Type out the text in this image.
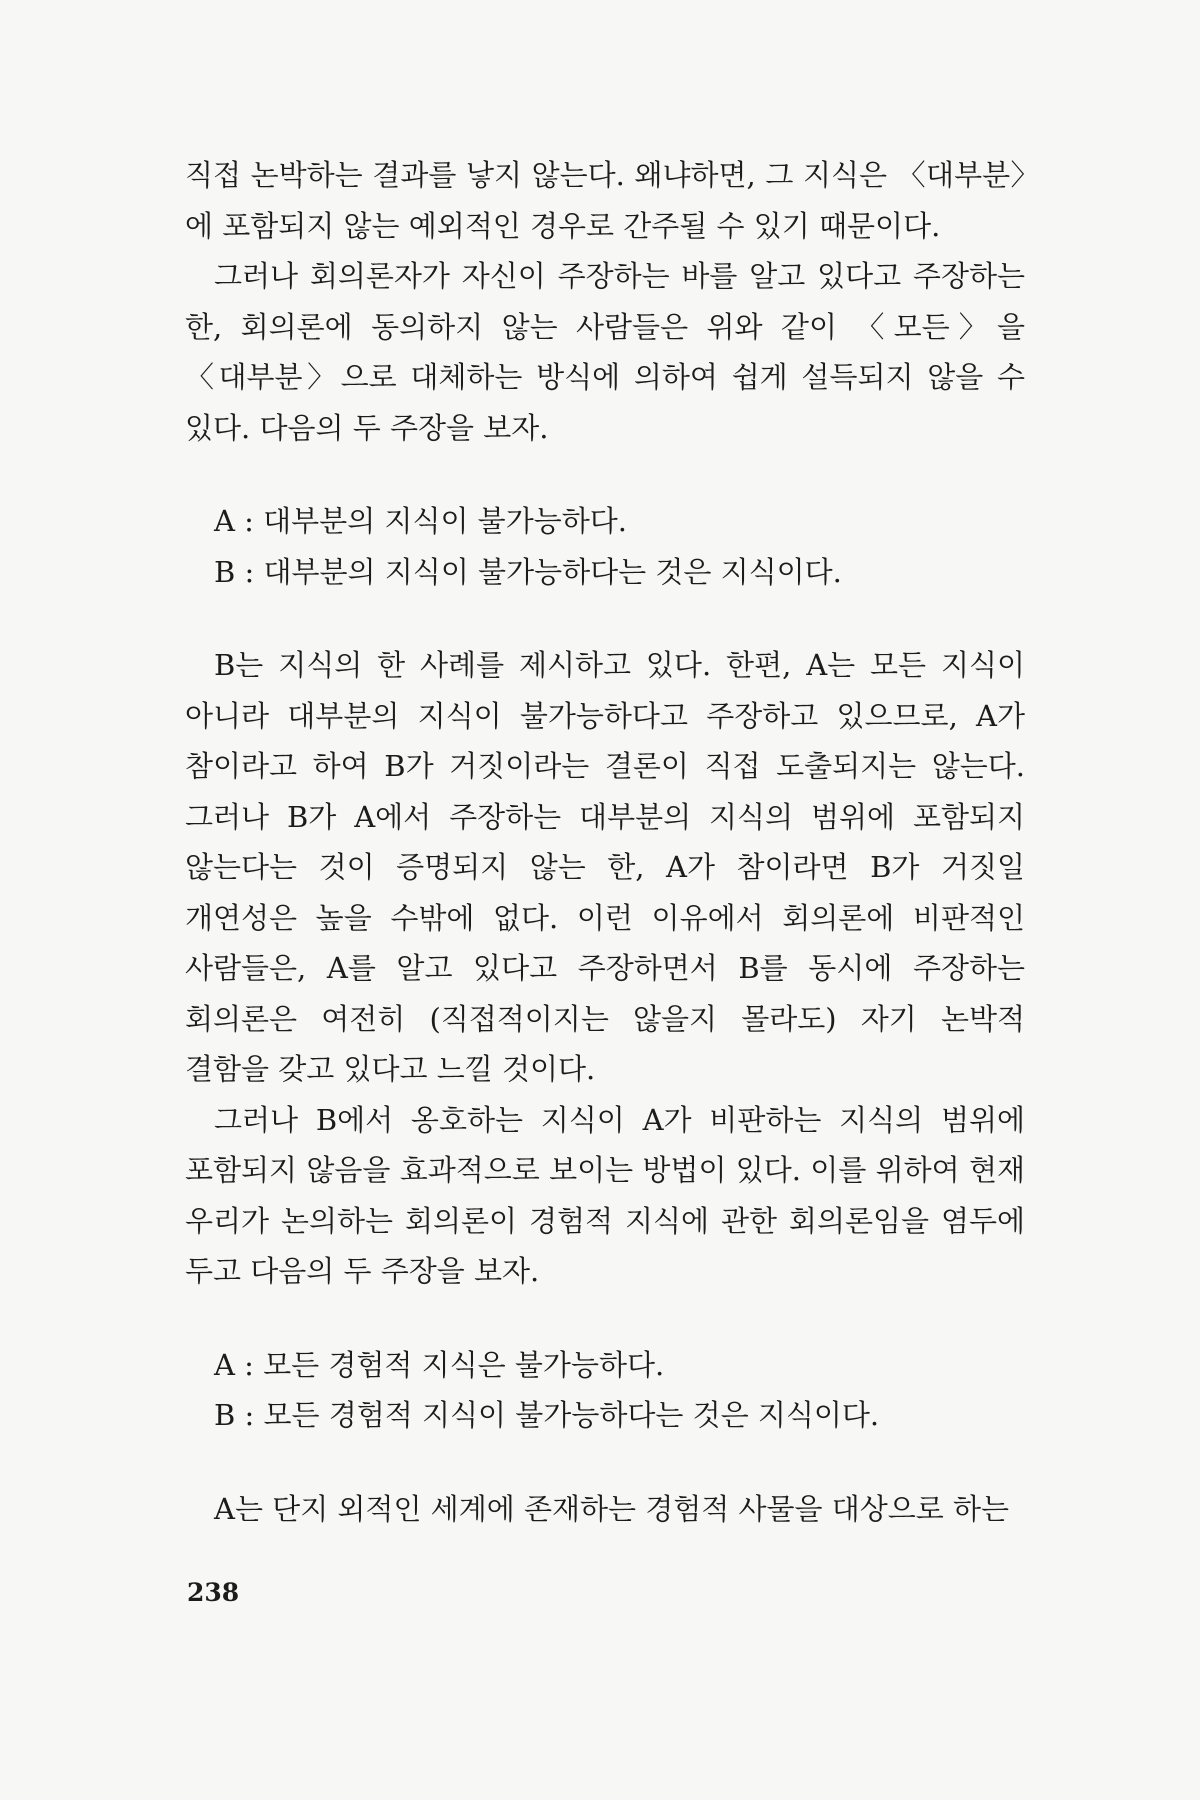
직접 논박하는 결과를 낳지 않는다. 왜냐하면, 그 지식은 〈대부분〉에 포함되지 않는 예외적인 경우로 간주될 수 있기 때문이다.

그러나 회의론자가 자신이 주장하는 바를 알고 있다고 주장하는 한, 회의론에 동의하지 않는 사람들은 위와 같이 〈모든〉을 〈대부분〉으로 대체하는 방식에 의하여 쉽게 설득되지 않을 수 있다. 다음의 두 주장을 보자.

A : 대부분의 지식이 불가능하다.
B : 대부분의 지식이 불가능하다는 것은 지식이다.

B는 지식의 한 사례를 제시하고 있다. 한편, A는 모든 지식이 아니라 대부분의 지식이 불가능하다고 주장하고 있으므로, A가 참이라고 하여 B가 거짓이라는 결론이 직접 도출되지는 않는다. 그러나 B가 A에서 주장하는 대부분의 지식의 범위에 포함되지 않는다는 것이 증명되지 않는 한, A가 참이라면 B가 거짓일 개연성은 높을 수밖에 없다. 이런 이유에서 회의론에 비판적인 사람들은, A를 알고 있다고 주장하면서 B를 동시에 주장하는 회의론은 여전히 (직접적이지는 않을지 몰라도) 자기 논박적 결함을 갖고 있다고 느낄 것이다.

그러나 B에서 옹호하는 지식이 A가 비판하는 지식의 범위에 포함되지 않음을 효과적으로 보이는 방법이 있다. 이를 위하여 현재 우리가 논의하는 회의론이 경험적 지식에 관한 회의론임을 염두에 두고 다음의 두 주장을 보자.

A : 모든 경험적 지식은 불가능하다.
B : 모든 경험적 지식이 불가능하다는 것은 지식이다.

A는 단지 외적인 세계에 존재하는 경험적 사물을 대상으로 하는

238
